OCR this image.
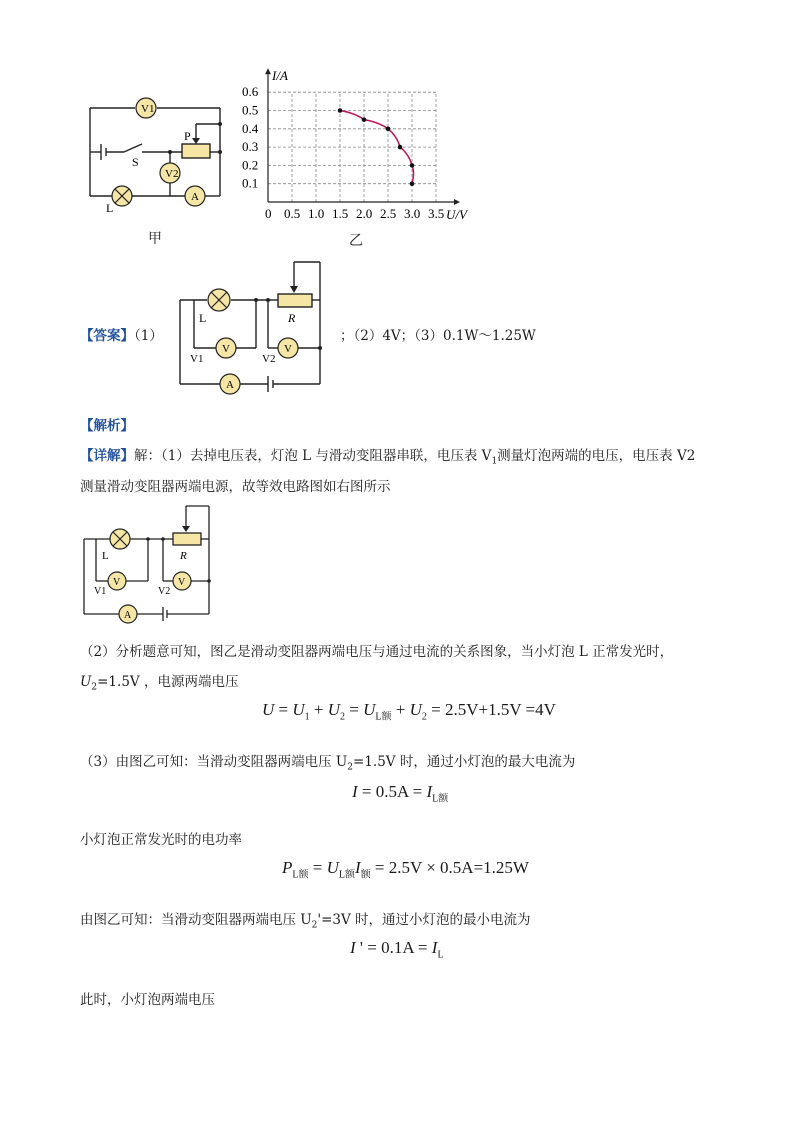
V1
V2
A
P
S
L
甲
0 0.5 1.0 1.5 2.0 2.5 3.0 3.5
0.1
0.2
0.3
0.4
0.5
0.6
I/A
U/V
乙
【答案】（1）
V	V
A
L	R
V1	V2
；（2）4V；（3）0.1W～1.25W
【解析】
【详解】解：（1）去掉电压表，灯泡 L 与滑动变阻器串联，电压表 $V_1$测量灯泡两端的电压，电压表 V2
测量滑动变阻器两端电源，故等效电路图如右图所示
V	V
A
L	R
V1	V2
（2）分析题意可知，图乙是滑动变阻器两端电压与通过电流的关系图象，当小灯泡 L 正常发光时，
$U_2=1.5V$ ，电源两端电压
$U = U_1 + U_2 = U_{L额} + U_2 = 2.5V+1.5V =4V$
（3）由图乙可知：当滑动变阻器两端电压 $U_2=1.5V$ 时，通过小灯泡的最大电流为
$I = 0.5A = I_{L额}$
小灯泡正常发光时的电功率
$P_{L额} = U_{L额}I_额 = 2.5V \times 0.5A=1.25W$
由图乙可知：当滑动变阻器两端电压 $U_2'=3V$ 时，通过小灯泡的最小电流为
I ' = $0.1A = I_L$
此时，小灯泡两端电压
